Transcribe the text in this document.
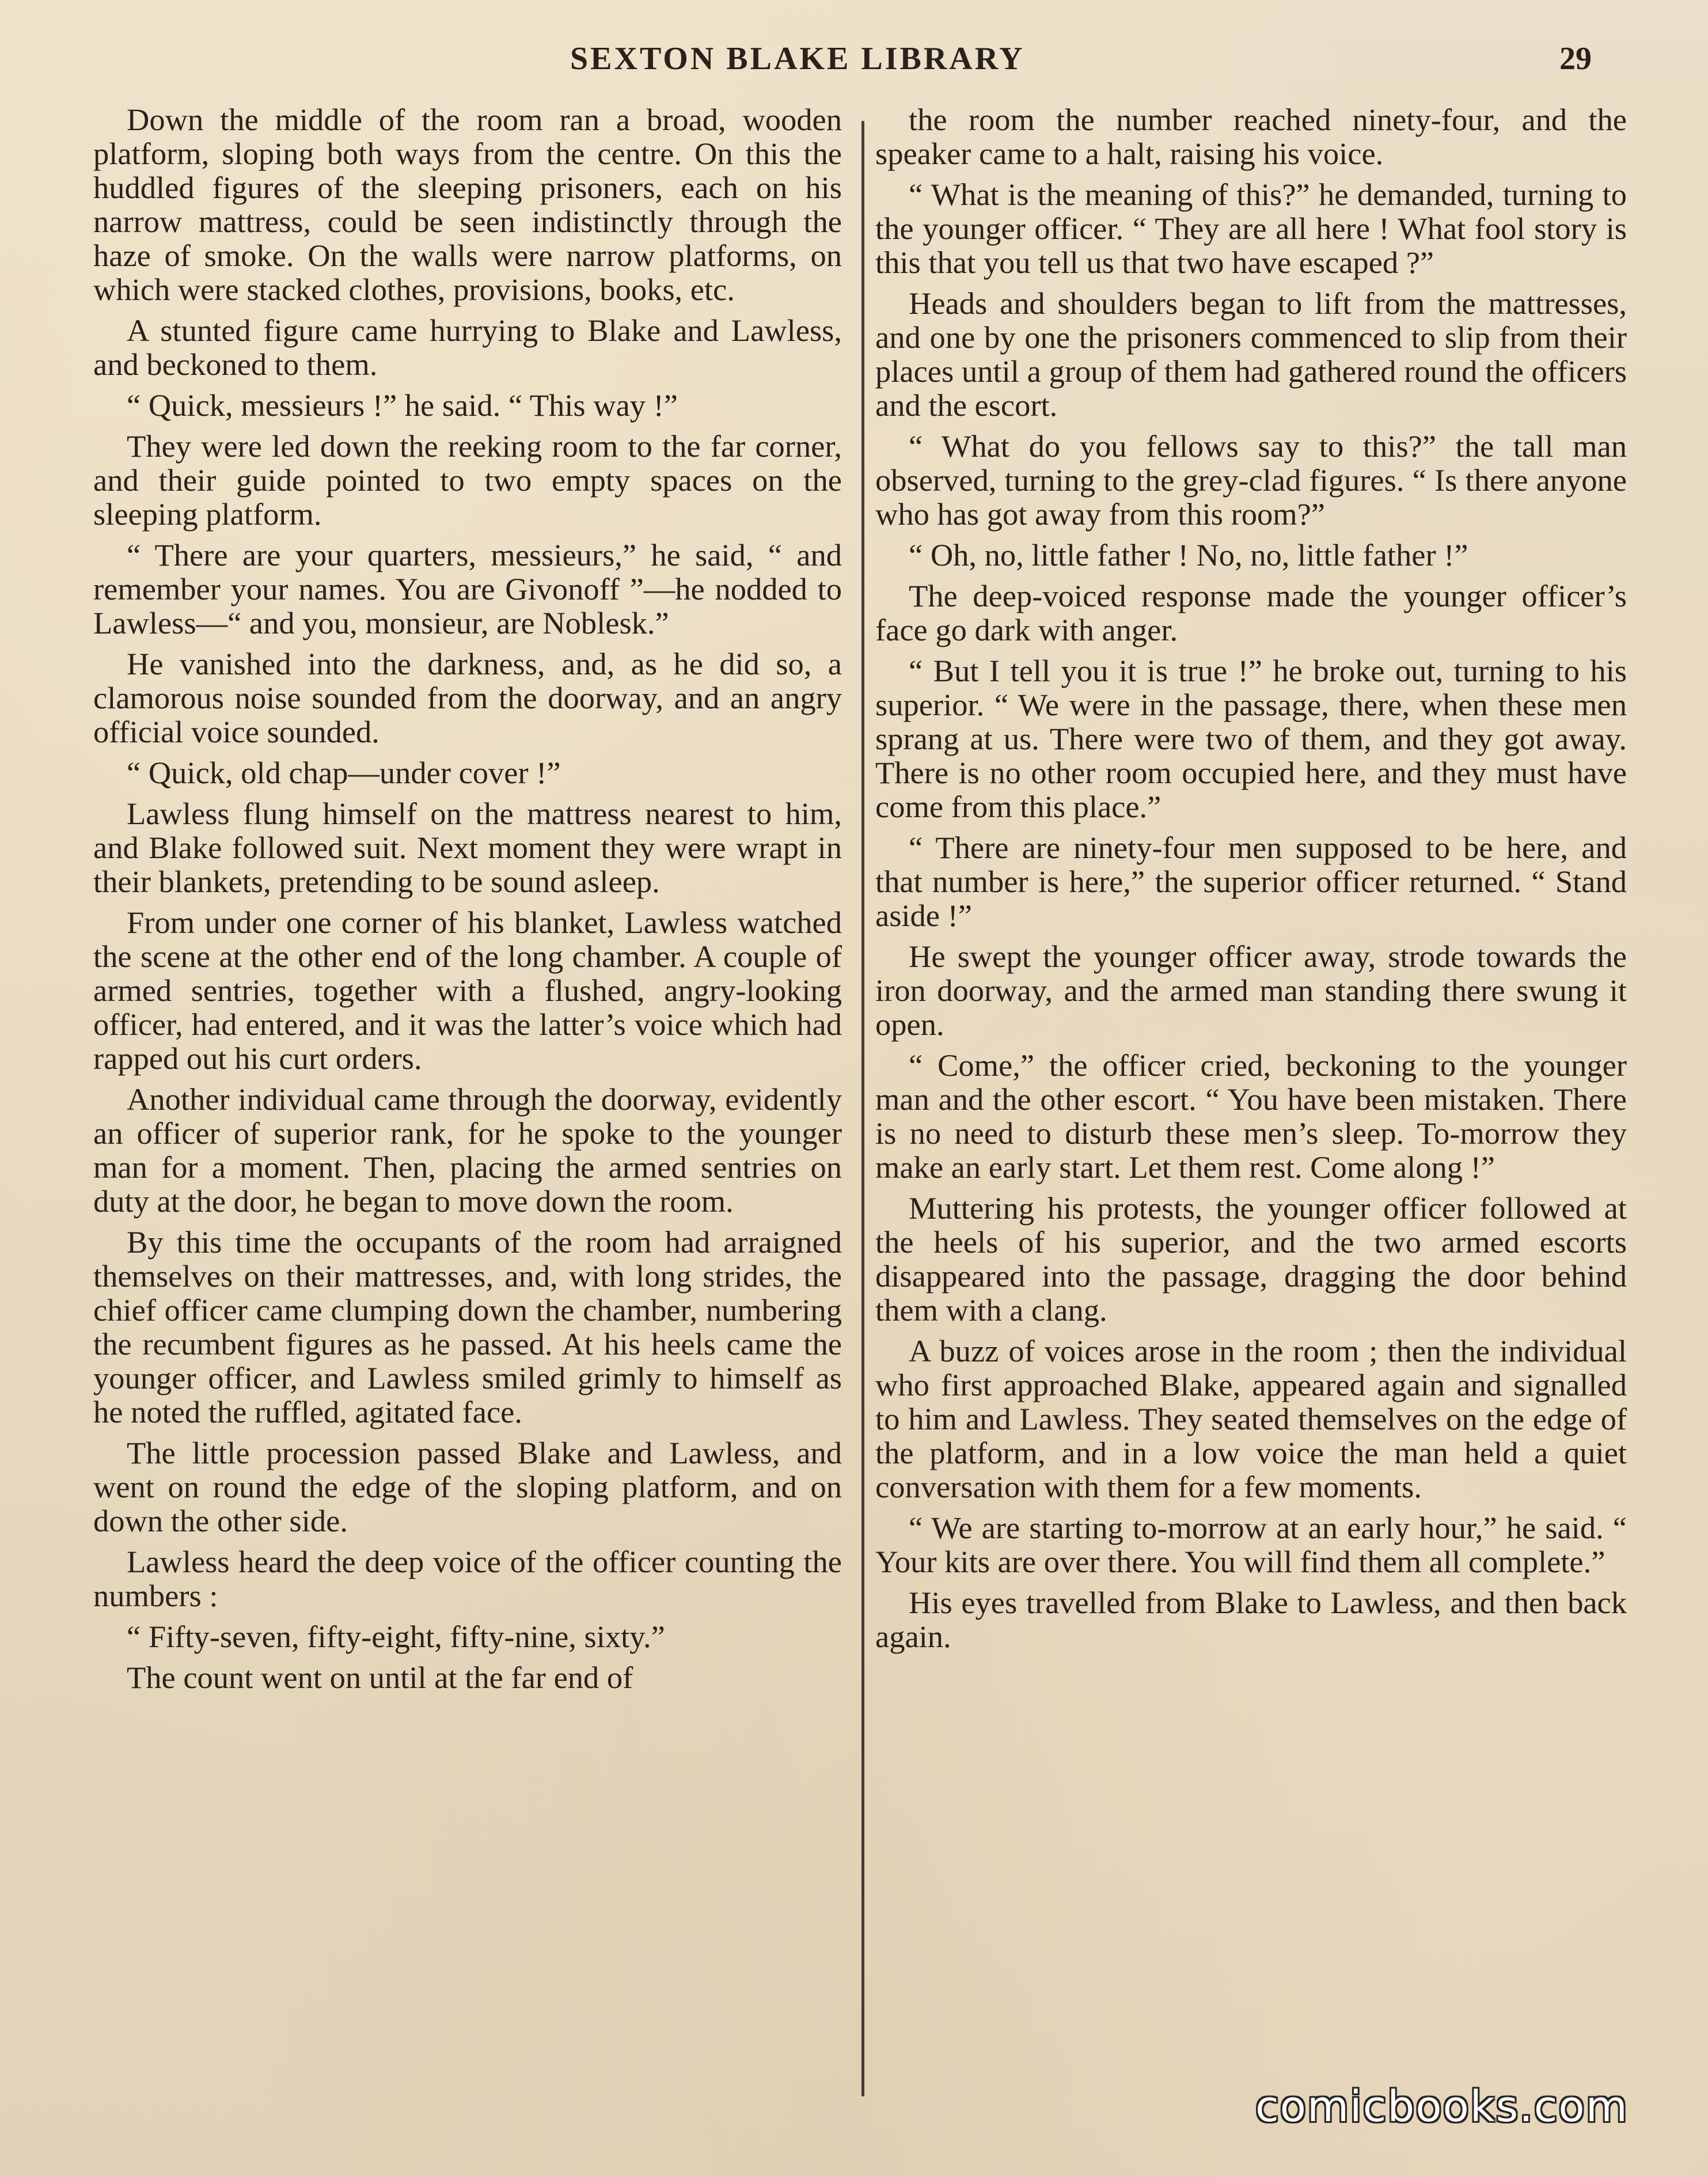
SEXTON BLAKE LIBRARY	29

Down the middle of the room ran a broad, wooden platform, sloping both ways from the centre. On this the huddled figures of the sleeping prisoners, each on his narrow mattress, could be seen indistinctly through the haze of smoke. On the walls were narrow platforms, on which were stacked clothes, provisions, books, etc.

A stunted figure came hurrying to Blake and Lawless, and beckoned to them.

“ Quick, messieurs !” he said. “ This way !”

They were led down the reeking room to the far corner, and their guide pointed to two empty spaces on the sleeping platform.

“ There are your quarters, messieurs,” he said, “ and remember your names. You are Givonoff ”—he nodded to Lawless—“ and you, monsieur, are Noblesk.”

He vanished into the darkness, and, as he did so, a clamorous noise sounded from the doorway, and an angry official voice sounded.

“ Quick, old chap—under cover !”

Lawless flung himself on the mattress nearest to him, and Blake followed suit. Next moment they were wrapt in their blankets, pretending to be sound asleep.

From under one corner of his blanket, Lawless watched the scene at the other end of the long chamber. A couple of armed sentries, together with a flushed, angry-looking officer, had entered, and it was the latter’s voice which had rapped out his curt orders.

Another individual came through the doorway, evidently an officer of superior rank, for he spoke to the younger man for a moment. Then, placing the armed sentries on duty at the door, he began to move down the room.

By this time the occupants of the room had arraigned themselves on their mattresses, and, with long strides, the chief officer came clumping down the chamber, numbering the recumbent figures as he passed. At his heels came the younger officer, and Lawless smiled grimly to himself as he noted the ruffled, agitated face.

The little procession passed Blake and Lawless, and went on round the edge of the sloping platform, and on down the other side.

Lawless heard the deep voice of the officer counting the numbers :

“ Fifty-seven, fifty-eight, fifty-nine, sixty.”

The count went on until at the far end of

the room the number reached ninety-four, and the speaker came to a halt, raising his voice.

“ What is the meaning of this?” he demanded, turning to the younger officer. “ They are all here ! What fool story is this that you tell us that two have escaped ?”

Heads and shoulders began to lift from the mattresses, and one by one the prisoners commenced to slip from their places until a group of them had gathered round the officers and the escort.

“ What do you fellows say to this?” the tall man observed, turning to the grey-clad figures. “ Is there anyone who has got away from this room?”

“ Oh, no, little father ! No, no, little father !”

The deep-voiced response made the younger officer’s face go dark with anger.

“ But I tell you it is true !” he broke out, turning to his superior. “ We were in the passage, there, when these men sprang at us. There were two of them, and they got away. There is no other room occupied here, and they must have come from this place.”

“ There are ninety-four men supposed to be here, and that number is here,” the superior officer returned. “ Stand aside !”

He swept the younger officer away, strode towards the iron doorway, and the armed man standing there swung it open.

“ Come,” the officer cried, beckoning to the younger man and the other escort. “ You have been mistaken. There is no need to disturb these men’s sleep. To-morrow they make an early start. Let them rest. Come along !”

Muttering his protests, the younger officer followed at the heels of his superior, and the two armed escorts disappeared into the passage, dragging the door behind them with a clang.

A buzz of voices arose in the room ; then the individual who first approached Blake, appeared again and signalled to him and Lawless. They seated themselves on the edge of the platform, and in a low voice the man held a quiet conversation with them for a few moments.

“ We are starting to-morrow at an early hour,” he said. “ Your kits are over there. You will find them all complete.”

His eyes travelled from Blake to Lawless, and then back again.

comicbooks.com
